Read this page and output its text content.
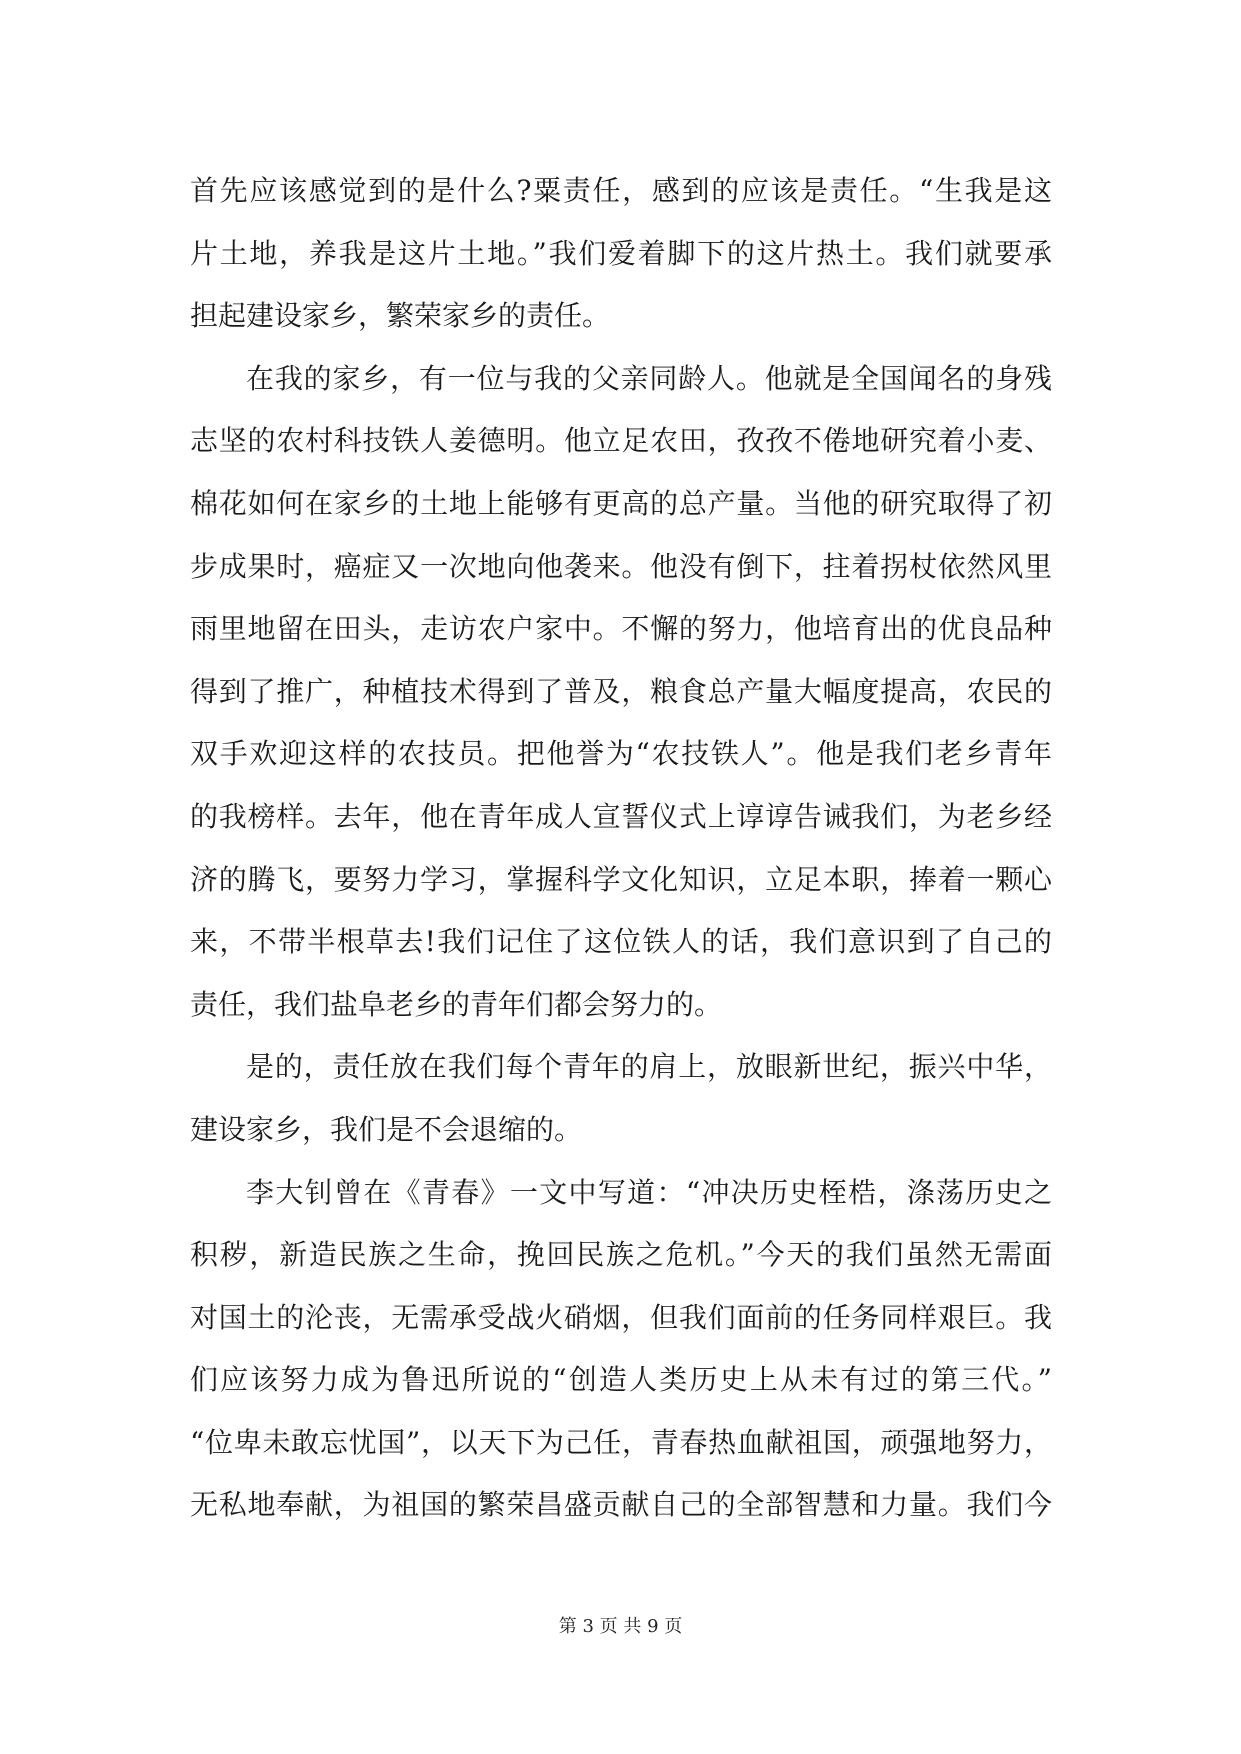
首先应该感觉到的是什么?粟责任，感到的应该是责任。“生我是这
片土地，养我是这片土地。”我们爱着脚下的这片热土。我们就要承
担起建设家乡，繁荣家乡的责任。
在我的家乡，有一位与我的父亲同龄人。他就是全国闻名的身残
志坚的农村科技铁人姜德明。他立足农田，孜孜不倦地研究着小麦、
棉花如何在家乡的土地上能够有更高的总产量。当他的研究取得了初
步成果时，癌症又一次地向他袭来。他没有倒下，拄着拐杖依然风里
雨里地留在田头，走访农户家中。不懈的努力，他培育出的优良品种
得到了推广，种植技术得到了普及，粮食总产量大幅度提高，农民的
双手欢迎这样的农技员。把他誉为“农技铁人”。他是我们老乡青年
的我榜样。去年，他在青年成人宣誓仪式上谆谆告诫我们，为老乡经
济的腾飞，要努力学习，掌握科学文化知识，立足本职，捧着一颗心
来，不带半根草去!我们记住了这位铁人的话，我们意识到了自己的
责任，我们盐阜老乡的青年们都会努力的。
是的，责任放在我们每个青年的肩上，放眼新世纪，振兴中华，
建设家乡，我们是不会退缩的。
李大钊曾在《青春》一文中写道：“冲决历史桎梏，涤荡历史之
积秽，新造民族之生命，挽回民族之危机。”今天的我们虽然无需面
对国土的沦丧，无需承受战火硝烟，但我们面前的任务同样艰巨。我
们应该努力成为鲁迅所说的“创造人类历史上从未有过的第三代。”
“位卑未敢忘忧国”，以天下为己任，青春热血献祖国，顽强地努力，
无私地奉献，为祖国的繁荣昌盛贡献自己的全部智慧和力量。我们今
第 3 页 共 9 页
